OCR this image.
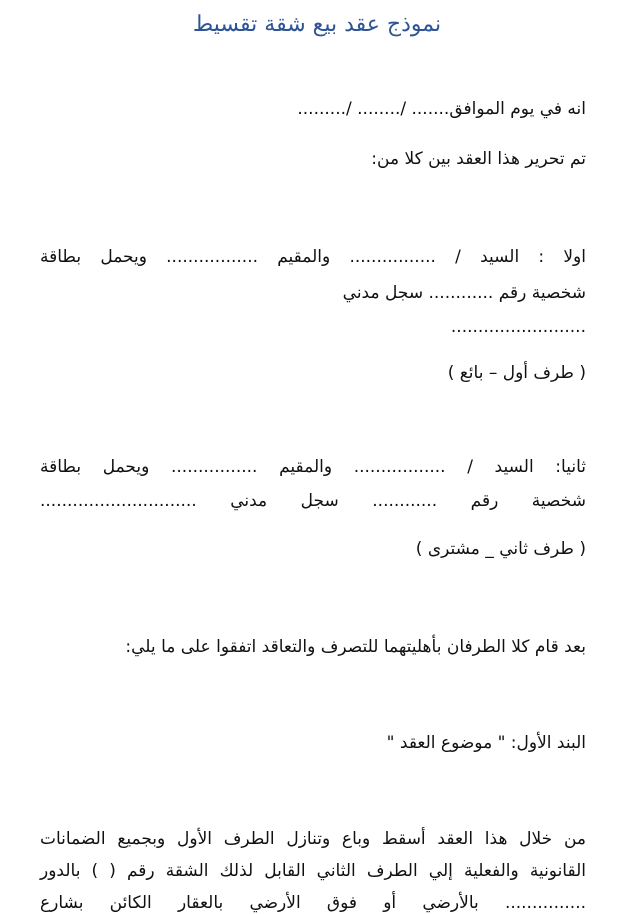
نموذج عقد بيع شقة تقسيط
انه في يوم الموافق....... /........ /.........
تم تحرير هذا العقد بين كلا من:
اولا : السيد / ................ والمقيم ................. ويحمل بطاقة
شخصية رقم ............ سجل مدني
.........................
( طرف أول – بائع )
ثانيا: السيد / ................. والمقيم ................ ويحمل بطاقة
شخصية رقم ............ سجل مدني .............................
( طرف ثاني _ مشترى )
بعد قام كلا الطرفان بأهليتهما للتصرف والتعاقد اتفقوا على ما يلي:
البند الأول: " موضوع العقد "
من خلال هذا العقد أسقط وباع وتنازل الطرف الأول وبجميع الضمانات
القانونية والفعلية إلي الطرف الثاني القابل لذلك الشقة رقم ( ) بالدور
............... بالأرضي أو فوق الأرضي بالعقار الكائن بشارع
